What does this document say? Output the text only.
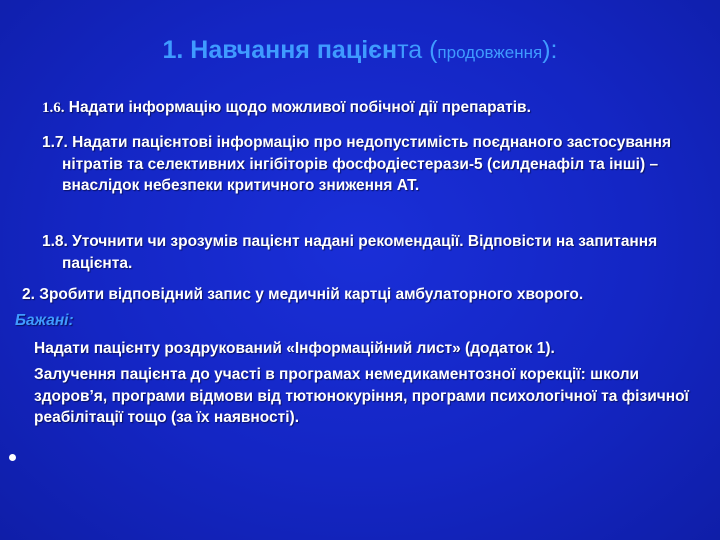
1. Навчання пацієнта (продовження):
1.6. Надати інформацію щодо можливої побічної дії препаратів.
1.7. Надати пацієнтові інформацію про недопустимість поєднаного застосування нітратів та селективних інгібіторів фосфодіестерази-5 (силденафіл та інші) – внаслідок небезпеки критичного зниження АТ.
1.8. Уточнити чи зрозумів пацієнт надані рекомендації. Відповісти на запитання пацієнта.
2. Зробити відповідний запис у медичній картці амбулаторного хворого.
Бажані:
Надати пацієнту роздрукований «Інформаційний лист» (додаток 1).
Залучення пацієнта до участі в програмах немедикаментозної корекції: школи здоров’я, програми відмови від тютюнокуріння, програми психологічної та фізичної реабілітації тощо (за їх наявності).
